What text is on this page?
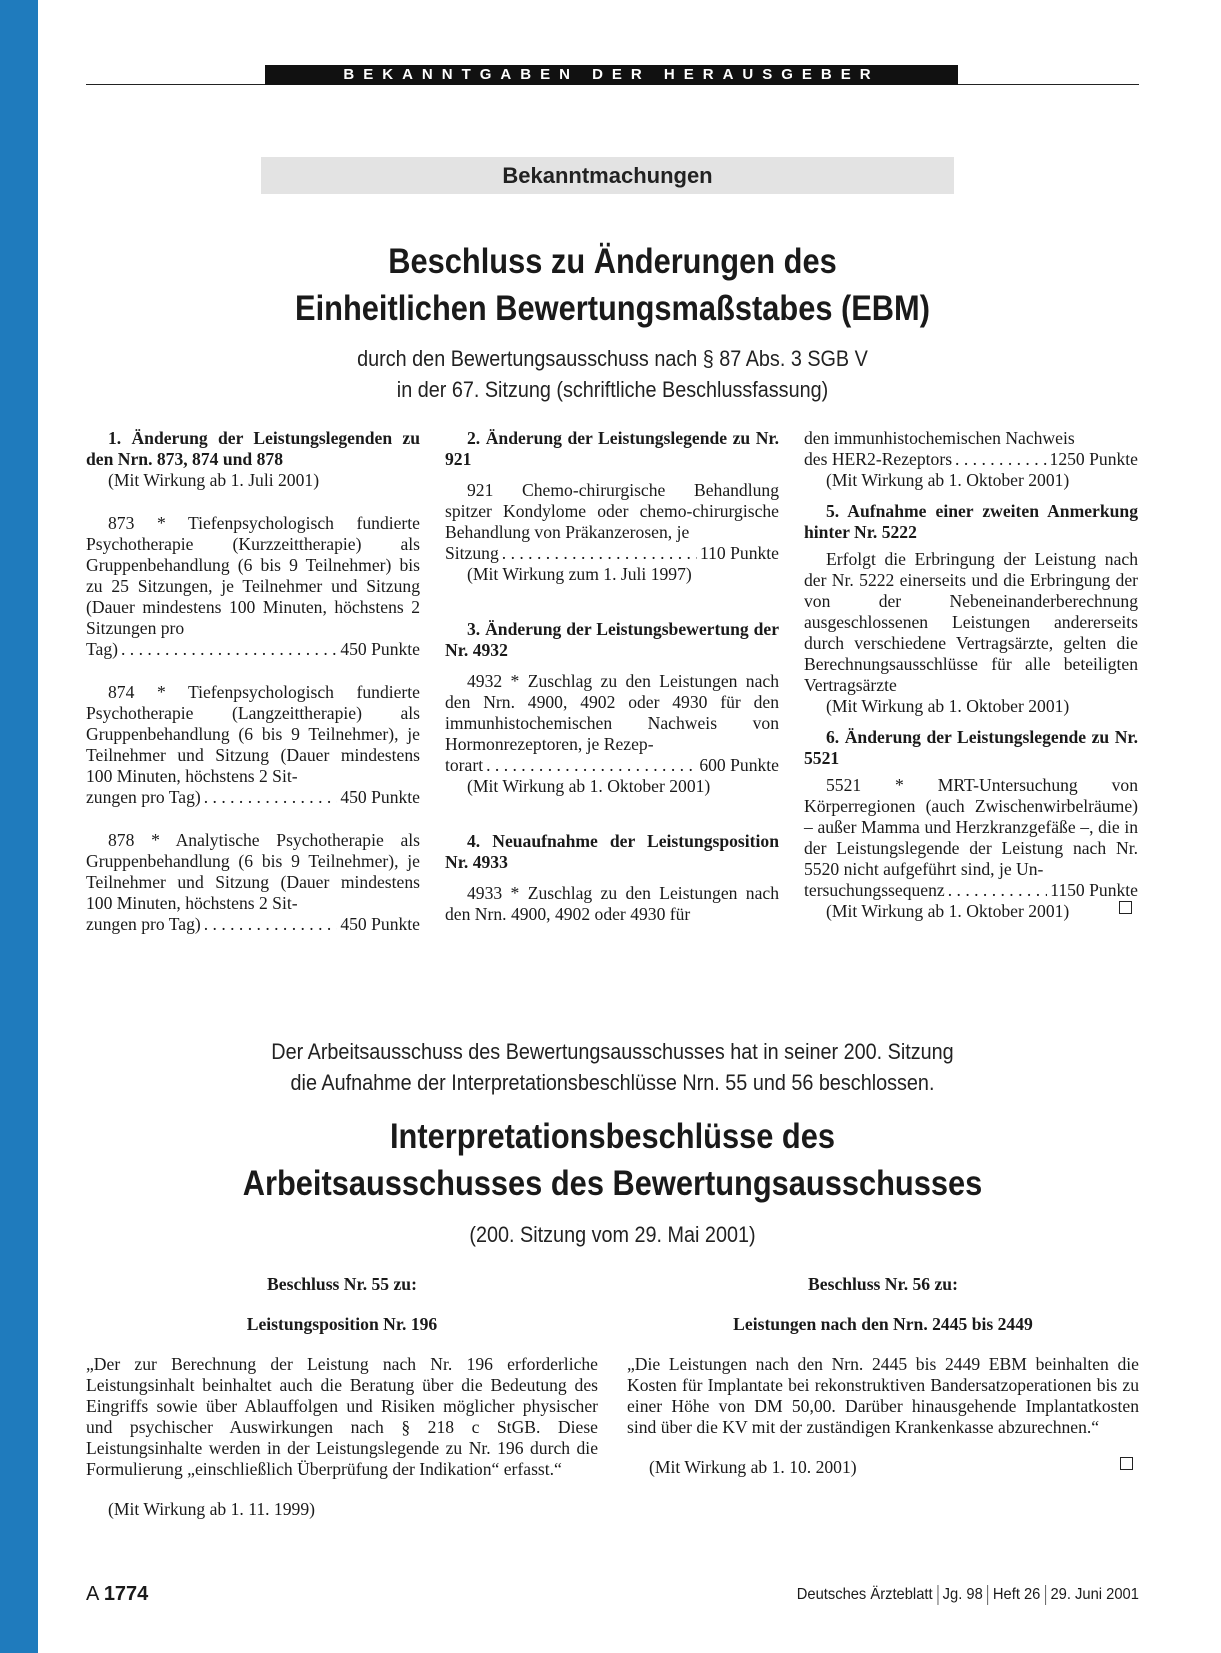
BEKANNTGABEN DER HERAUSGEBER
Bekanntmachungen
Beschluss zu Änderungen des
Einheitlichen Bewertungsmaßstabes (EBM)
durch den Bewertungsausschuss nach § 87 Abs. 3 SGB V
in der 67. Sitzung (schriftliche Beschlussfassung)

1. Änderung der Leistungslegenden zu den Nrn. 873, 874 und 878

(Mit Wirkung ab 1. Juli 2001)

873 * Tiefenpsychologisch fundierte Psychotherapie (Kurzzeittherapie) als Gruppenbehandlung (6 bis 9 Teilnehmer) bis zu 25 Sitzungen, je Teilnehmer und Sitzung (Dauer mindestens 100 Minuten, höchstens 2 Sitzungen pro

Tag) . . .	450 Punkte

874 * Tiefenpsychologisch fundierte Psychotherapie (Langzeittherapie) als Gruppenbehandlung (6 bis 9 Teilnehmer), je Teilnehmer und Sitzung (Dauer mindestens 100 Minuten, höchstens 2 Sit-

zungen pro Tag) . . .	450 Punkte

878 * Analytische Psychotherapie als Gruppenbehandlung (6 bis 9 Teilnehmer), je Teilnehmer und Sitzung (Dauer mindestens 100 Minuten, höchstens 2 Sit-

zungen pro Tag) . . .	450 Punkte

2. Änderung der Leistungslegende zu Nr. 921

921 Chemo-chirurgische Behandlung spitzer Kondylome oder chemo-chirurgische Behandlung von Präkanzerosen, je

Sitzung . . .	110 Punkte

(Mit Wirkung zum 1. Juli 1997)

3. Änderung der Leistungsbewertung der Nr. 4932

4932 * Zuschlag zu den Leistungen nach den Nrn. 4900, 4902 oder 4930 für den immunhistochemischen Nachweis von Hormonrezeptoren, je Rezep-

torart . . .	600 Punkte

(Mit Wirkung ab 1. Oktober 2001)

4. Neuaufnahme der Leistungsposition Nr. 4933

4933 * Zuschlag zu den Leistungen nach den Nrn. 4900, 4902 oder 4930 für

den immunhistochemischen Nachweis

des HER2-Rezeptors . . .	1250 Punkte

(Mit Wirkung ab 1. Oktober 2001)

5. Aufnahme einer zweiten Anmerkung hinter Nr. 5222

Erfolgt die Erbringung der Leistung nach der Nr. 5222 einerseits und die Erbringung der von der Nebeneinanderberechnung ausgeschlossenen Leistungen andererseits durch verschiedene Vertragsärzte, gelten die Berechnungsausschlüsse für alle beteiligten Vertragsärzte

(Mit Wirkung ab 1. Oktober 2001)

6. Änderung der Leistungslegende zu Nr. 5521

5521 * MRT-Untersuchung von Körperregionen (auch Zwischenwirbelräume) – außer Mamma und Herzkranzgefäße –, die in der Leistungslegende der Leistung nach Nr. 5520 nicht aufgeführt sind, je Un-

tersuchungssequenz . . .	1150 Punkte
(Mit Wirkung ab 1. Oktober 2001)
Der Arbeitsausschuss des Bewertungsausschusses hat in seiner 200. Sitzung
die Aufnahme der Interpretationsbeschlüsse Nrn. 55 und 56 beschlossen.
Interpretationsbeschlüsse des
Arbeitsausschusses des Bewertungsausschusses
(200. Sitzung vom 29. Mai 2001)

Beschluss Nr. 55 zu:

Leistungsposition Nr. 196

„Der zur Berechnung der Leistung nach Nr. 196 erforderliche Leistungsinhalt beinhaltet auch die Beratung über die Bedeutung des Eingriffs sowie über Ablauffolgen und Risiken möglicher physischer und psychischer Auswirkungen nach § 218 c StGB. Diese Leistungsinhalte werden in der Leistungslegende zu Nr. 196 durch die Formulierung „einschließlich Überprüfung der Indikation“ erfasst.“

(Mit Wirkung ab 1. 11. 1999)

Beschluss Nr. 56 zu:

Leistungen nach den Nrn. 2445 bis 2449

„Die Leistungen nach den Nrn. 2445 bis 2449 EBM beinhalten die Kosten für Implantate bei rekonstruktiven Bandersatzoperationen bis zu einer Höhe von DM 50,00. Darüber hinausgehende Implantatkosten sind über die KV mit der zuständigen Krankenkasse abzurechnen.“

(Mit Wirkung ab 1. 10. 2001)
A 1774	Deutsches Ärzteblatt Jg. 98 Heft 26 29. Juni 2001
